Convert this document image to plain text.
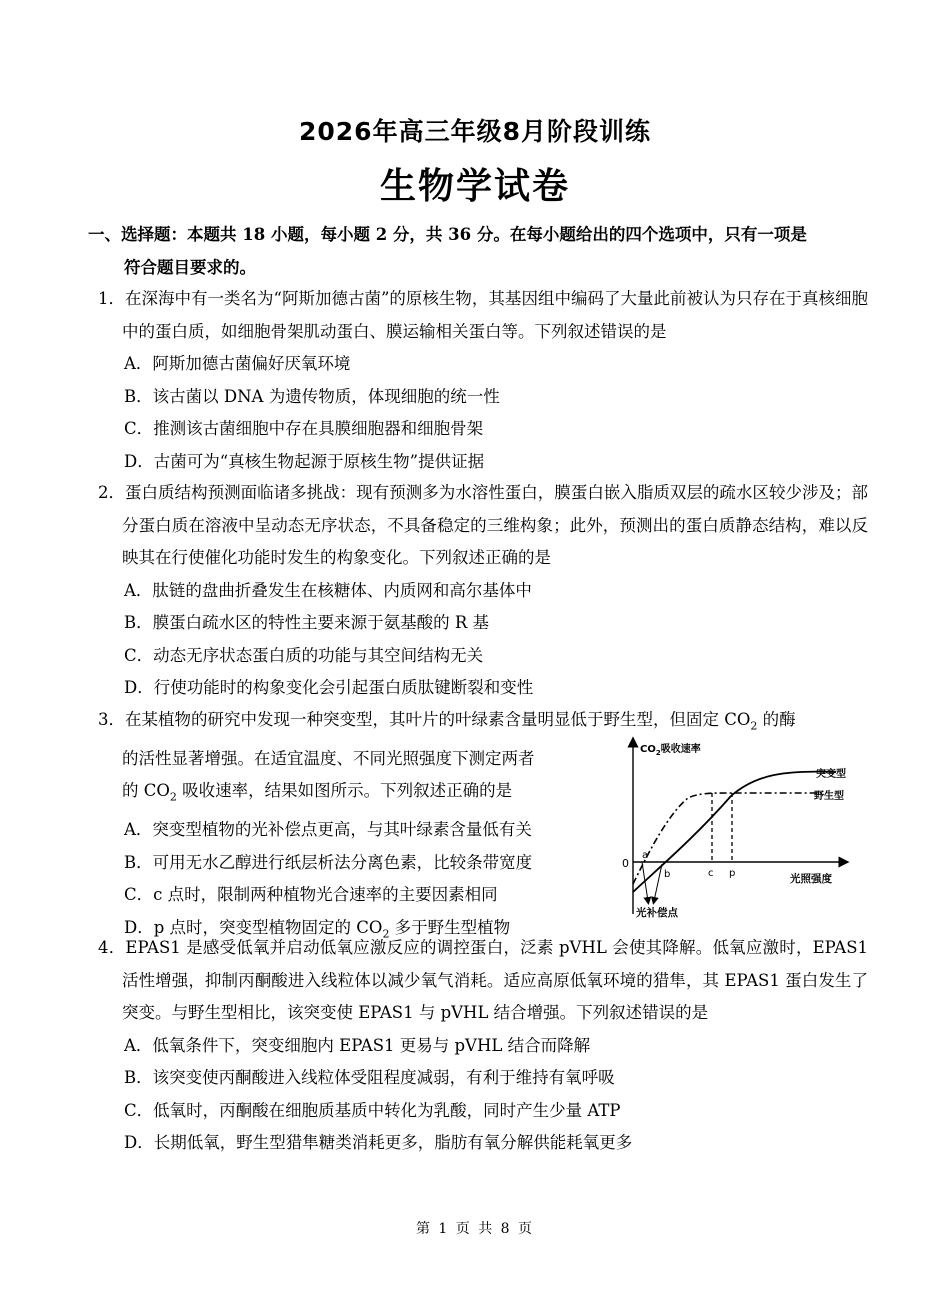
2026年高三年级8月阶段训练
生物学试卷
一、选择题：本题共 18 小题，每小题 2 分，共 36 分。在每小题给出的四个选项中，只有一项是
符合题目要求的。
1．在深海中有一类名为“阿斯加德古菌”的原核生物，其基因组中编码了大量此前被认为只存在于真核细胞中的蛋白质，如细胞骨架肌动蛋白、膜运输相关蛋白等。下列叙述错误的是
A．阿斯加德古菌偏好厌氧环境
B．该古菌以 DNA 为遗传物质，体现细胞的统一性
C．推测该古菌细胞中存在具膜细胞器和细胞骨架
D．古菌可为“真核生物起源于原核生物”提供证据
2．蛋白质结构预测面临诸多挑战：现有预测多为水溶性蛋白，膜蛋白嵌入脂质双层的疏水区较少涉及；部分蛋白质在溶液中呈动态无序状态，不具备稳定的三维构象；此外，预测出的蛋白质静态结构，难以反映其在行使催化功能时发生的构象变化。下列叙述正确的是
A．肽链的盘曲折叠发生在核糖体、内质网和高尔基体中
B．膜蛋白疏水区的特性主要来源于氨基酸的 R 基
C．动态无序状态蛋白质的功能与其空间结构无关
D．行使功能时的构象变化会引起蛋白质肽键断裂和变性
3．在某植物的研究中发现一种突变型，其叶片的叶绿素含量明显低于野生型，但固定 $CO_2$ 的酶
的活性显著增强。在适宜温度、不同光照强度下测定两者
的 $CO_2$ 吸收速率，结果如图所示。下列叙述正确的是
A．突变型植物的光补偿点更高，与其叶绿素含量低有关
B．可用无水乙醇进行纸层析法分离色素，比较条带宽度
C．c 点时，限制两种植物光合速率的主要因素相同
D．p 点时，突变型植物固定的 $CO_2$ 多于野生型植物
$CO_2$吸收速率
光照强度
0
a
b	c p
突变型
野生型
光补偿点
4．EPAS1 是感受低氧并启动低氧应激反应的调控蛋白，泛素 pVHL 会使其降解。低氧应激时，EPAS1 活性增强，抑制丙酮酸进入线粒体以减少氧气消耗。适应高原低氧环境的猎隼，其 EPAS1 蛋白发生了突变。与野生型相比，该突变使 EPAS1 与 pVHL 结合增强。下列叙述错误的是
A．低氧条件下，突变细胞内 EPAS1 更易与 pVHL 结合而降解
B．该突变使丙酮酸进入线粒体受阻程度减弱，有利于维持有氧呼吸
C．低氧时，丙酮酸在细胞质基质中转化为乳酸，同时产生少量 ATP
D．长期低氧，野生型猎隼糖类消耗更多，脂肪有氧分解供能耗氧更多
第 1 页 共 8 页
